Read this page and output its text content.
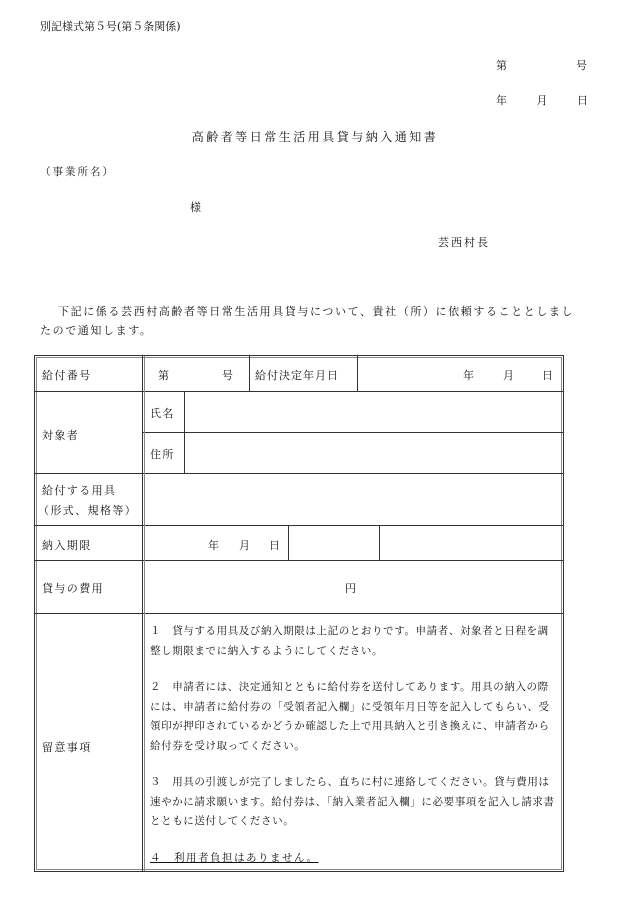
別記様式第５号(第５条関係)
第	号
年	月	日
高齢者等日常生活用具貸与納入通知書
（事業所名）
様
芸西村長
下記に係る芸西村高齢者等日常生活用具貸与について、貴社（所）に依頼することとしまし
たので通知します。
給付番号	第	号 給付決定年月日	年	月 日
対象者
氏名
住所
給付する用具
（形式、規格等）
納入期限	年 月 日
貸与の費用	円
留意事項

１　貸与する用具及び納入期限は上記のとおりです。申請者、対象者と日程を調整し期限までに納入するようにしてください。

２　申請者には、決定通知とともに給付券を送付してあります。用具の納入の際には、申請者に給付券の「受領者記入欄」に受領年月日等を記入してもらい、受領印が押印されているかどうか確認した上で用具納入と引き換えに、申請者から給付券を受け取ってください。

３　用具の引渡しが完了しましたら、直ちに村に連絡してください。貸与費用は速やかに請求願います。給付券は、「納入業者記入欄」に必要事項を記入し請求書とともに送付してください。

４　利用者負担はありません。
